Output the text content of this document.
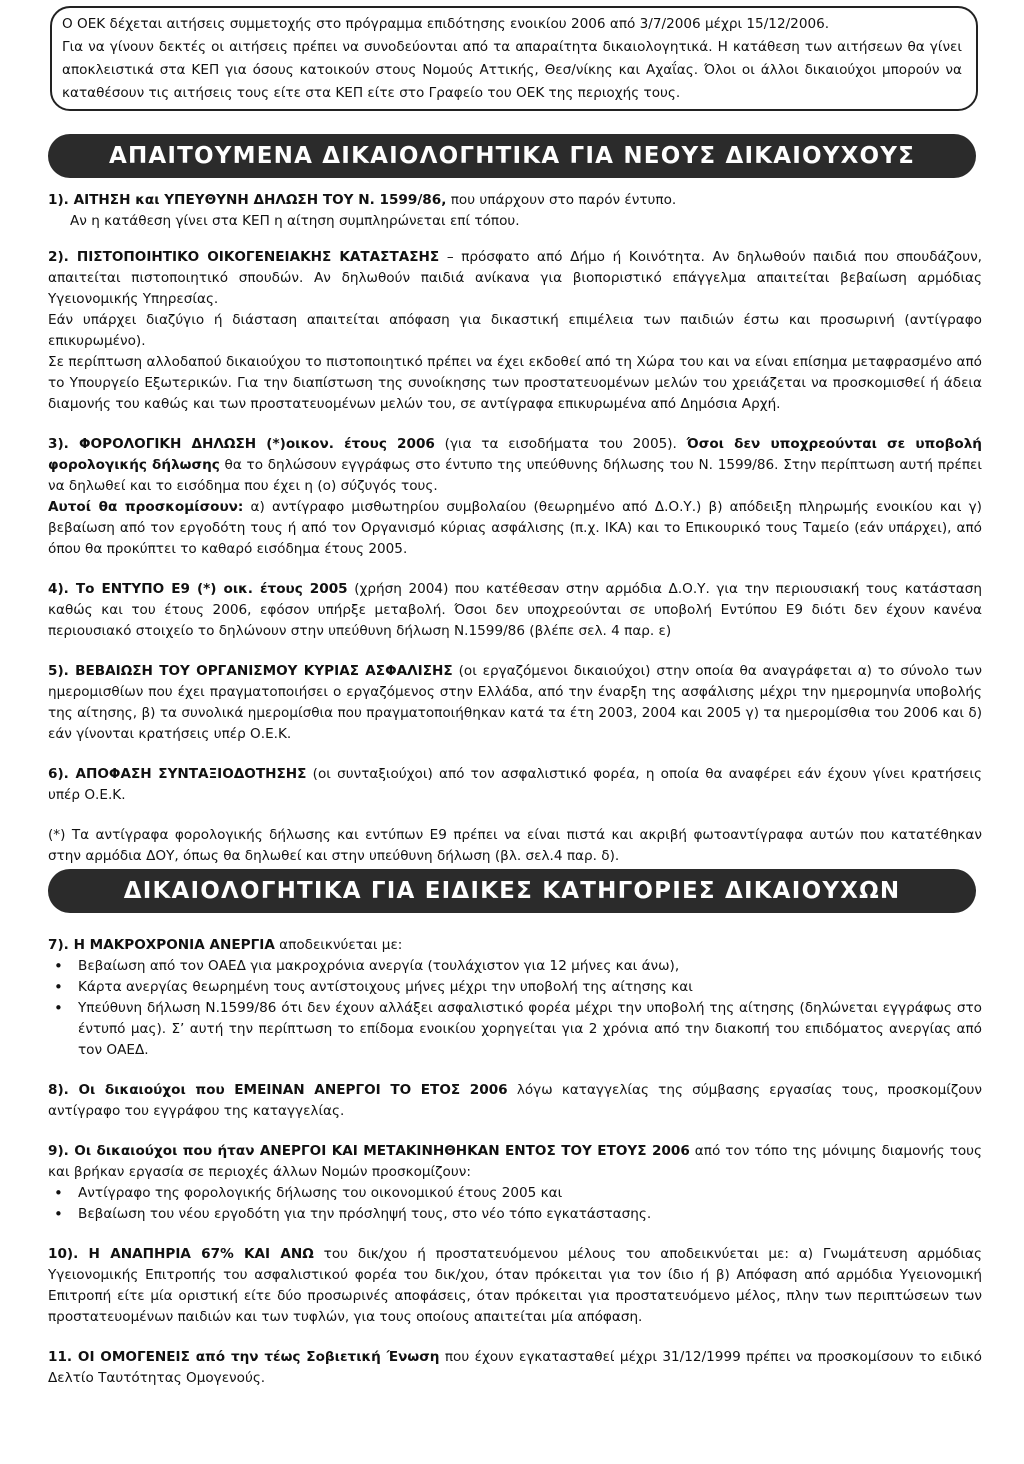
Ο ΟΕΚ δέχεται αιτήσεις συμμετοχής στο πρόγραμμα επιδότησης ενοικίου 2006 από 3/7/2006 μέχρι 15/12/2006.
Για να γίνουν δεκτές οι αιτήσεις πρέπει να συνοδεύονται από τα απαραίτητα δικαιολογητικά. Η κατάθεση των αιτήσεων θα γίνει αποκλειστικά στα ΚΕΠ για όσους κατοικούν στους Νομούς Αττικής, Θεσ/νίκης και Αχαΐας. Όλοι οι άλλοι δικαιούχοι μπορούν να καταθέσουν τις αιτήσεις τους είτε στα ΚΕΠ είτε στο Γραφείο του ΟΕΚ της περιοχής τους.
ΑΠΑΙΤΟΥΜΕΝΑ ΔΙΚΑΙΟΛΟΓΗΤΙΚΑ ΓΙΑ ΝΕΟΥΣ ΔΙΚΑΙΟΥΧΟΥΣ

1). ΑΙΤΗΣΗ και ΥΠΕΥΘΥΝΗ ΔΗΛΩΣΗ ΤΟΥ Ν. 1599/86, που υπάρχουν στο παρόν έντυπο.

Αν η κατάθεση γίνει στα ΚΕΠ η αίτηση συμπληρώνεται επί τόπου.

2). ΠΙΣΤΟΠΟΙΗΤΙΚΟ ΟΙΚΟΓΕΝΕΙΑΚΗΣ ΚΑΤΑΣΤΑΣΗΣ – πρόσφατο από Δήμο ή Κοινότητα. Αν δηλωθούν παιδιά που σπουδάζουν, απαιτείται πιστοποιητικό σπουδών. Αν δηλωθούν παιδιά ανίκανα για βιοποριστικό επάγγελμα απαιτείται βεβαίωση αρμόδιας Υγειονομικής Υπηρεσίας.

Εάν υπάρχει διαζύγιο ή διάσταση απαιτείται απόφαση για δικαστική επιμέλεια των παιδιών έστω και προσωρινή (αντίγραφο επικυρωμένο).

Σε περίπτωση αλλοδαπού δικαιούχου το πιστοποιητικό πρέπει να έχει εκδοθεί από τη Χώρα του και να είναι επίσημα μεταφρασμένο από το Υπουργείο Εξωτερικών. Για την διαπίστωση της συνοίκησης των προστατευομένων μελών του χρειάζεται να προσκομισθεί ή άδεια διαμονής του καθώς και των προστατευομένων μελών του, σε αντίγραφα επικυρωμένα από Δημόσια Αρχή.

3). ΦΟΡΟΛΟΓΙΚΗ ΔΗΛΩΣΗ (*)οικον. έτους 2006 (για τα εισοδήματα του 2005). Όσοι δεν υποχρεούνται σε υποβολή φορολογικής δήλωσης θα το δηλώσουν εγγράφως στο έντυπο της υπεύθυνης δήλωσης του Ν. 1599/86. Στην περίπτωση αυτή πρέπει να δηλωθεί και το εισόδημα που έχει η (ο) σύζυγός τους.

Αυτοί θα προσκομίσουν: α) αντίγραφο μισθωτηρίου συμβολαίου (θεωρημένο από Δ.Ο.Υ.) β) απόδειξη πληρωμής ενοικίου και γ) βεβαίωση από τον εργοδότη τους ή από τον Οργανισμό κύριας ασφάλισης (π.χ. ΙΚΑ) και το Επικουρικό τους Ταμείο (εάν υπάρχει), από όπου θα προκύπτει το καθαρό εισόδημα έτους 2005.

4). Το ΕΝΤΥΠΟ Ε9 (*) οικ. έτους 2005 (χρήση 2004) που κατέθεσαν στην αρμόδια Δ.Ο.Υ. για την περιουσιακή τους κατάσταση καθώς και του έτους 2006, εφόσον υπήρξε μεταβολή. Όσοι δεν υποχρεούνται σε υποβολή Εντύπου Ε9 διότι δεν έχουν κανένα περιουσιακό στοιχείο το δηλώνουν στην υπεύθυνη δήλωση Ν.1599/86 (βλέπε σελ. 4 παρ. ε)

5). ΒΕΒΑΙΩΣΗ ΤΟΥ ΟΡΓΑΝΙΣΜΟΥ ΚΥΡΙΑΣ ΑΣΦΑΛΙΣΗΣ (οι εργαζόμενοι δικαιούχοι) στην οποία θα αναγράφεται α) το σύνολο των ημερομισθίων που έχει πραγματοποιήσει ο εργαζόμενος στην Ελλάδα, από την έναρξη της ασφάλισης μέχρι την ημερομηνία υποβολής της αίτησης, β) τα συνολικά ημερομίσθια που πραγματοποιήθηκαν κατά τα έτη 2003, 2004 και 2005 γ) τα ημερομίσθια του 2006 και δ) εάν γίνονται κρατήσεις υπέρ Ο.Ε.Κ.

6). ΑΠΟΦΑΣΗ ΣΥΝΤΑΞΙΟΔΟΤΗΣΗΣ (οι συνταξιούχοι) από τον ασφαλιστικό φορέα, η οποία θα αναφέρει εάν έχουν γίνει κρατήσεις υπέρ Ο.Ε.Κ.

(*) Τα αντίγραφα φορολογικής δήλωσης και εντύπων Ε9 πρέπει να είναι πιστά και ακριβή φωτοαντίγραφα αυτών που κατατέθηκαν στην αρμόδια ΔΟΥ, όπως θα δηλωθεί και στην υπεύθυνη δήλωση (βλ. σελ.4 παρ. δ).

ΔΙΚΑΙΟΛΟΓΗΤΙΚΑ ΓΙΑ ΕΙΔΙΚΕΣ ΚΑΤΗΓΟΡΙΕΣ ΔΙΚΑΙΟΥΧΩΝ

7). Η ΜΑΚΡΟΧΡΟΝΙΑ ΑΝΕΡΓΙΑ αποδεικνύεται με:

• Βεβαίωση από τον ΟΑΕΔ για μακροχρόνια ανεργία (τουλάχιστον για 12 μήνες και άνω),
• Κάρτα ανεργίας θεωρημένη τους αντίστοιχους μήνες μέχρι την υποβολή της αίτησης και
• Υπεύθυνη δήλωση Ν.1599/86 ότι δεν έχουν αλλάξει ασφαλιστικό φορέα μέχρι την υποβολή της αίτησης (δηλώνεται εγγράφως στο έντυπό μας). Σ’ αυτή την περίπτωση το επίδομα ενοικίου χορηγείται για 2 χρόνια από την διακοπή του επιδόματος ανεργίας από τον ΟΑΕΔ.

8). Οι δικαιούχοι που ΕΜΕΙΝΑΝ ΑΝΕΡΓΟΙ ΤΟ ΕΤΟΣ 2006 λόγω καταγγελίας της σύμβασης εργασίας τους, προσκομίζουν αντίγραφο του εγγράφου της καταγγελίας.

9). Οι δικαιούχοι που ήταν ΑΝΕΡΓΟΙ ΚΑΙ ΜΕΤΑΚΙΝΗΘΗΚΑΝ ΕΝΤΟΣ ΤΟΥ ΕΤΟΥΣ 2006 από τον τόπο της μόνιμης διαμονής τους και βρήκαν εργασία σε περιοχές άλλων Νομών προσκομίζουν:

• Αντίγραφο της φορολογικής δήλωσης του οικονομικού έτους 2005 και
• Βεβαίωση του νέου εργοδότη για την πρόσληψή τους, στο νέο τόπο εγκατάστασης.

10). Η ΑΝΑΠΗΡΙΑ 67% ΚΑΙ ΑΝΩ του δικ/χου ή προστατευόμενου μέλους του αποδεικνύεται με: α) Γνωμάτευση αρμόδιας Υγειονομικής Επιτροπής του ασφαλιστικού φορέα του δικ/χου, όταν πρόκειται για τον ίδιο ή β) Απόφαση από αρμόδια Υγειονομική Επιτροπή είτε μία οριστική είτε δύο προσωρινές αποφάσεις, όταν πρόκειται για προστατευόμενο μέλος, πλην των περιπτώσεων των προστατευομένων παιδιών και των τυφλών, για τους οποίους απαιτείται μία απόφαση.

11. ΟΙ ΟΜΟΓΕΝΕΙΣ από την τέως Σοβιετική Ένωση που έχουν εγκατασταθεί μέχρι 31/12/1999 πρέπει να προσκομίσουν το ειδικό Δελτίο Ταυτότητας Ομογενούς.
